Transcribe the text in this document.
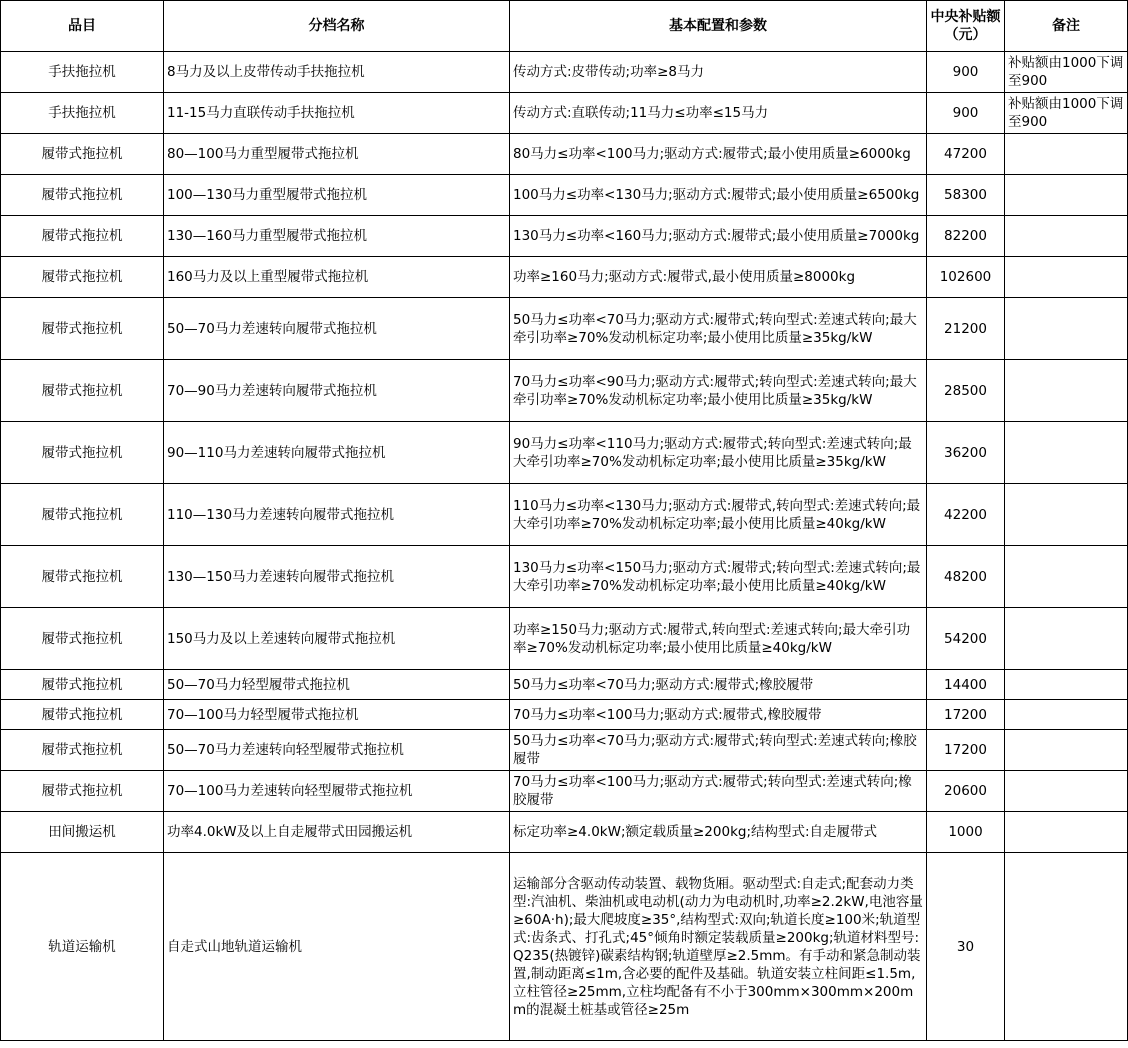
品目	分档名称	基本配置和参数	中央补贴额（元）	备注
手扶拖拉机	8马力及以上皮带传动手扶拖拉机	传动方式:皮带传动;功率≥8马力	900	补贴额由1000下调至900
手扶拖拉机	11-15马力直联传动手扶拖拉机	传动方式:直联传动;11马力≤功率≤15马力	900	补贴额由1000下调至900
履带式拖拉机	80—100马力重型履带式拖拉机	80马力≤功率<100马力;驱动方式:履带式;最小使用质量≥6000kg	47200	
履带式拖拉机	100—130马力重型履带式拖拉机	100马力≤功率<130马力;驱动方式:履带式;最小使用质量≥6500kg	58300	
履带式拖拉机	130—160马力重型履带式拖拉机	130马力≤功率<160马力;驱动方式:履带式;最小使用质量≥7000kg	82200	
履带式拖拉机	160马力及以上重型履带式拖拉机	功率≥160马力;驱动方式:履带式,最小使用质量≥8000kg	102600	
履带式拖拉机	50—70马力差速转向履带式拖拉机	50马力≤功率<70马力;驱动方式:履带式;转向型式:差速式转向;最大牵引功率≥70%发动机标定功率;最小使用比质量≥35kg/kW	21200	
履带式拖拉机	70—90马力差速转向履带式拖拉机	70马力≤功率<90马力;驱动方式:履带式;转向型式:差速式转向;最大牵引功率≥70%发动机标定功率;最小使用比质量≥35kg/kW	28500	
履带式拖拉机	90—110马力差速转向履带式拖拉机	90马力≤功率<110马力;驱动方式:履带式;转向型式:差速式转向;最大牵引功率≥70%发动机标定功率;最小使用比质量≥35kg/kW	36200	
履带式拖拉机	110—130马力差速转向履带式拖拉机	110马力≤功率<130马力;驱动方式:履带式,转向型式:差速式转向;最大牵引功率≥70%发动机标定功率;最小使用比质量≥40kg/kW	42200	
履带式拖拉机	130—150马力差速转向履带式拖拉机	130马力≤功率<150马力;驱动方式:履带式;转向型式:差速式转向;最大牵引功率≥70%发动机标定功率;最小使用比质量≥40kg/kW	48200	
履带式拖拉机	150马力及以上差速转向履带式拖拉机	功率≥150马力;驱动方式:履带式,转向型式:差速式转向;最大牵引功率≥70%发动机标定功率;最小使用比质量≥40kg/kW	54200	
履带式拖拉机	50—70马力轻型履带式拖拉机	50马力≤功率<70马力;驱动方式:履带式;橡胶履带	14400	
履带式拖拉机	70—100马力轻型履带式拖拉机	70马力≤功率<100马力;驱动方式:履带式,橡胶履带	17200	
履带式拖拉机	50—70马力差速转向轻型履带式拖拉机	50马力≤功率<70马力;驱动方式:履带式;转向型式:差速式转向;橡胶履带	17200	
履带式拖拉机	70—100马力差速转向轻型履带式拖拉机	70马力≤功率<100马力;驱动方式:履带式;转向型式:差速式转向;橡胶履带	20600	
田间搬运机	功率4.0kW及以上自走履带式田园搬运机	标定功率≥4.0kW;额定载质量≥200kg;结构型式:自走履带式	1000	
轨道运输机	自走式山地轨道运输机	运输部分含驱动传动装置、载物货厢。驱动型式:自走式;配套动力类型:汽油机、柴油机或电动机(动力为电动机时,功率≥2.2kW,电池容量≥60A·h);最大爬坡度≥35°,结构型式:双向;轨道长度≥100米;轨道型式:齿条式、打孔式;45°倾角时额定装载质量≥200kg;轨道材料型号:Q235(热镀锌)碳素结构钢;轨道壁厚≥2.5mm。有手动和紧急制动装置,制动距离≤1m,含必要的配件及基础。轨道安装立柱间距≤1.5m,立柱管径≥25mm,立柱均配备有不小于300mm×300mm×200mm的混凝土桩基或管径≥25m	30	
